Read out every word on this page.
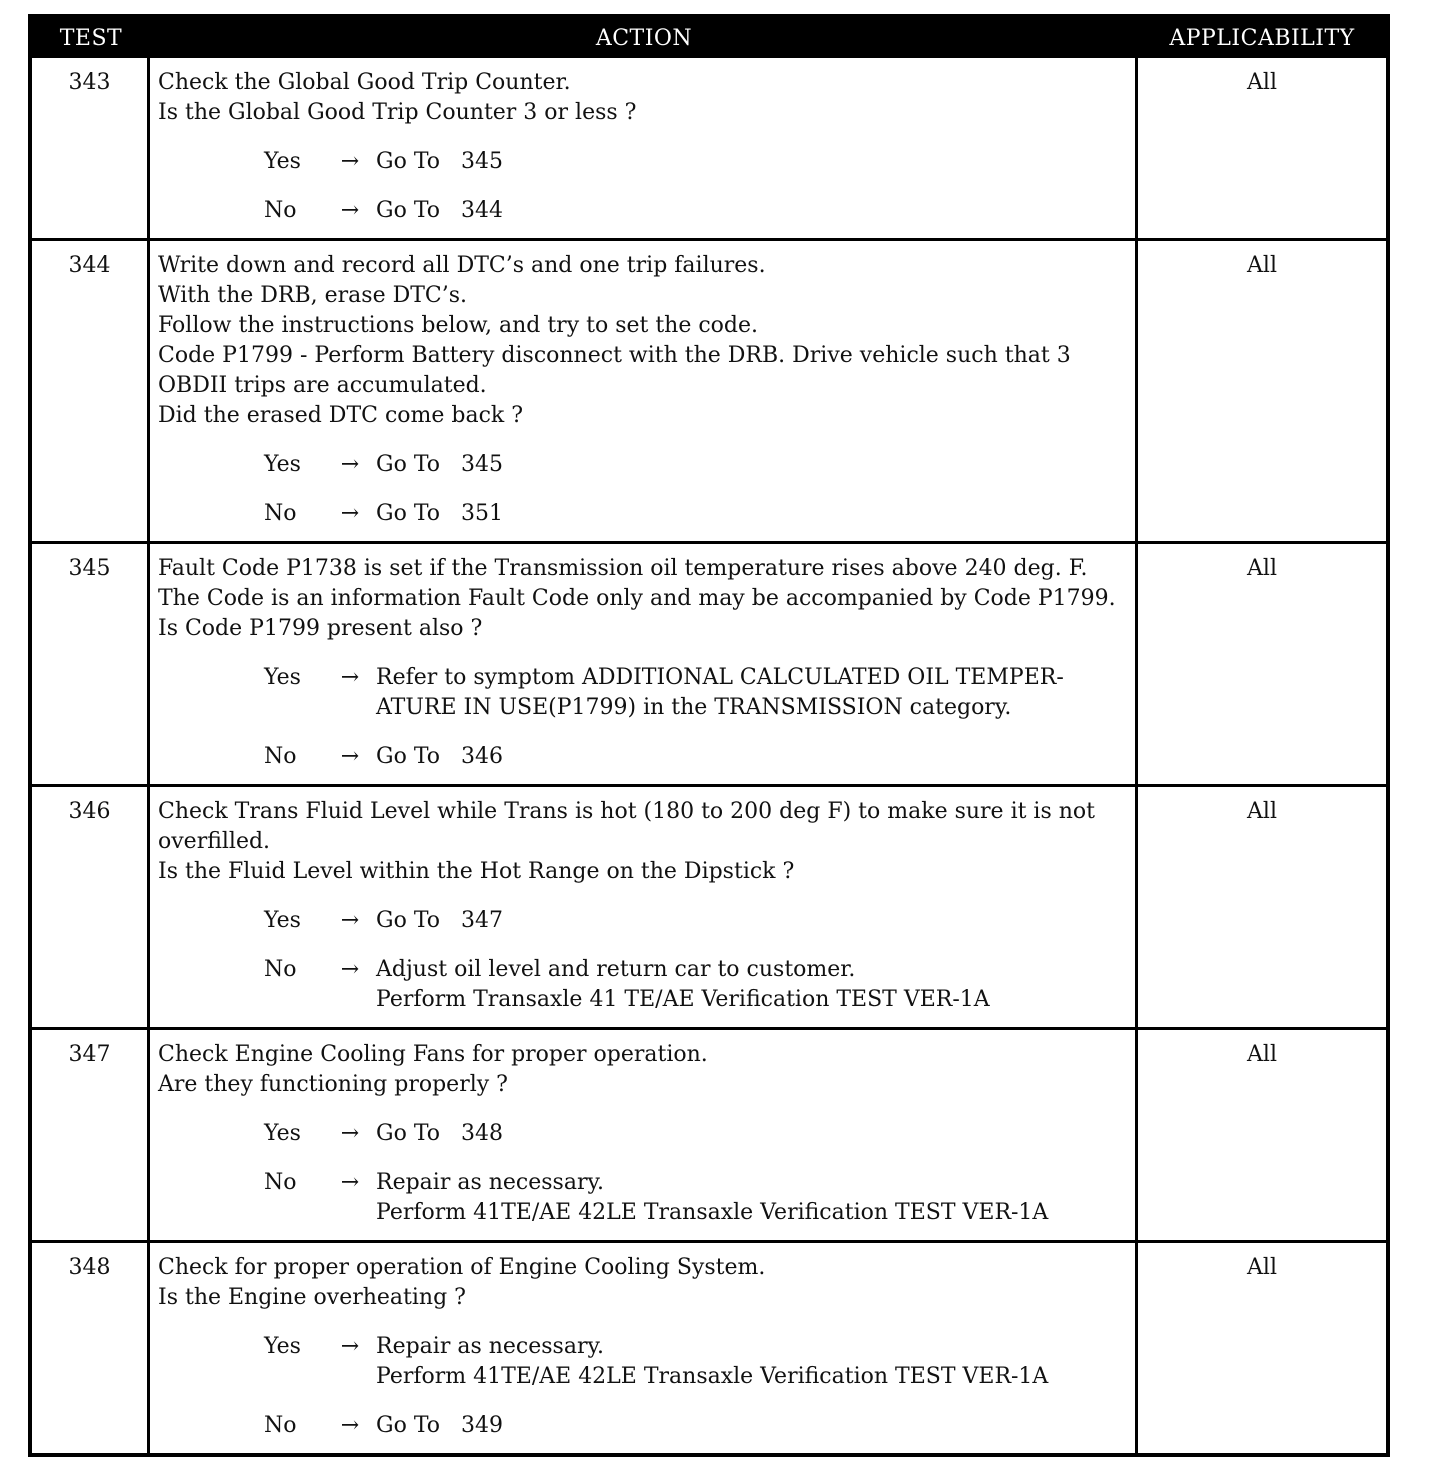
TEST	ACTION	APPLICABILITY
343	Check the Global Good Trip Counter.
Is the Global Good Trip Counter 3 or less ?
Yes	→ Go To   345
No	→ Go To   344
All
344	Write down and record all DTC’s and one trip failures.
With the DRB, erase DTC’s.
Follow the instructions below, and try to set the code.
Code P1799 - Perform Battery disconnect with the DRB. Drive vehicle such that 3
OBDII trips are accumulated.
Did the erased DTC come back ?
Yes	→ Go To   345
No	→ Go To   351
All
345	Fault Code P1738 is set if the Transmission oil temperature rises above 240 deg. F.
The Code is an information Fault Code only and may be accompanied by Code P1799.
Is Code P1799 present also ?
Yes	→ Refer to symptom ADDITIONAL CALCULATED OIL TEMPER-
ATURE IN USE(P1799) in the TRANSMISSION category.
No	→ Go To   346
All
346	Check Trans Fluid Level while Trans is hot (180 to 200 deg F) to make sure it is not
overfilled.
Is the Fluid Level within the Hot Range on the Dipstick ?
Yes	→ Go To   347
No	→ Adjust oil level and return car to customer.
Perform Transaxle 41 TE/AE Verification TEST VER-1A
All
347	Check Engine Cooling Fans for proper operation.
Are they functioning properly ?
Yes	→ Go To   348
No	→ Repair as necessary.
Perform 41TE/AE 42LE Transaxle Verification TEST VER-1A
All
348	Check for proper operation of Engine Cooling System.
Is the Engine overheating ?
Yes	→ Repair as necessary.
Perform 41TE/AE 42LE Transaxle Verification TEST VER-1A
No	→ Go To   349
All
